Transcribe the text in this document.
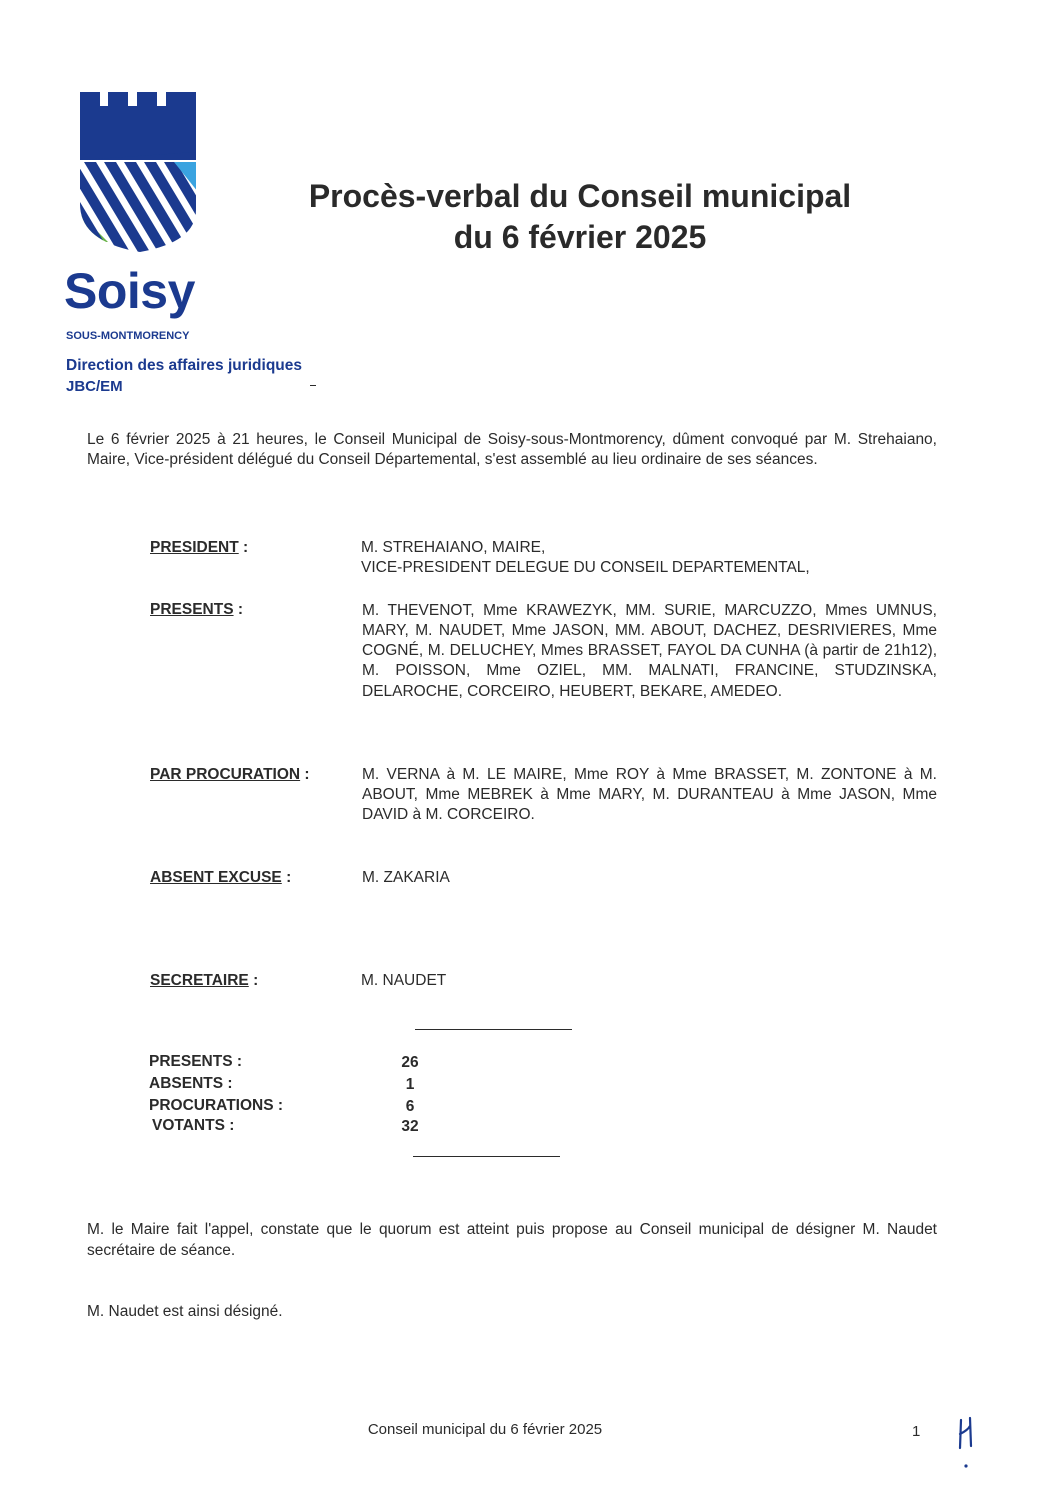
Soisy
SOUS-MONTMORENCY
Direction des affaires juridiques
JBC/EM
Procès-verbal du Conseil municipal
du 6 février 2025
Le 6 février 2025 à 21 heures, le Conseil Municipal de Soisy-sous-Montmorency, dûment convoqué par M. Strehaiano, Maire, Vice-président délégué du Conseil Départemental, s'est assemblé au lieu ordinaire de ses séances.
PRESIDENT :	M. STREHAIANO, MAIRE,
VICE-PRESIDENT DELEGUE DU CONSEIL DEPARTEMENTAL,
PRESENTS :	M. THEVENOT, Mme KRAWEZYK, MM. SURIE, MARCUZZO, Mmes UMNUS, MARY, M. NAUDET, Mme JASON, MM. ABOUT, DACHEZ, DESRIVIERES, Mme COGNÉ, M. DELUCHEY, Mmes BRASSET, FAYOL DA CUNHA (à partir de 21h12), M. POISSON, Mme OZIEL, MM. MALNATI, FRANCINE, STUDZINSKA, DELAROCHE, CORCEIRO, HEUBERT, BEKARE, AMEDEO.
PAR PROCURATION :	M. VERNA à M. LE MAIRE, Mme ROY à Mme BRASSET, M. ZONTONE à M. ABOUT, Mme MEBREK à Mme MARY, M. DURANTEAU à Mme JASON, Mme DAVID à M. CORCEIRO.
ABSENT EXCUSE :	M. ZAKARIA
SECRETAIRE :	M. NAUDET
PRESENTS :	26
ABSENTS :	1
PROCURATIONS :	6
VOTANTS :	32
M. le Maire fait l'appel, constate que le quorum est atteint puis propose au Conseil municipal de désigner M. Naudet secrétaire de séance.
M. Naudet est ainsi désigné.
Conseil municipal du 6 février 2025	1
